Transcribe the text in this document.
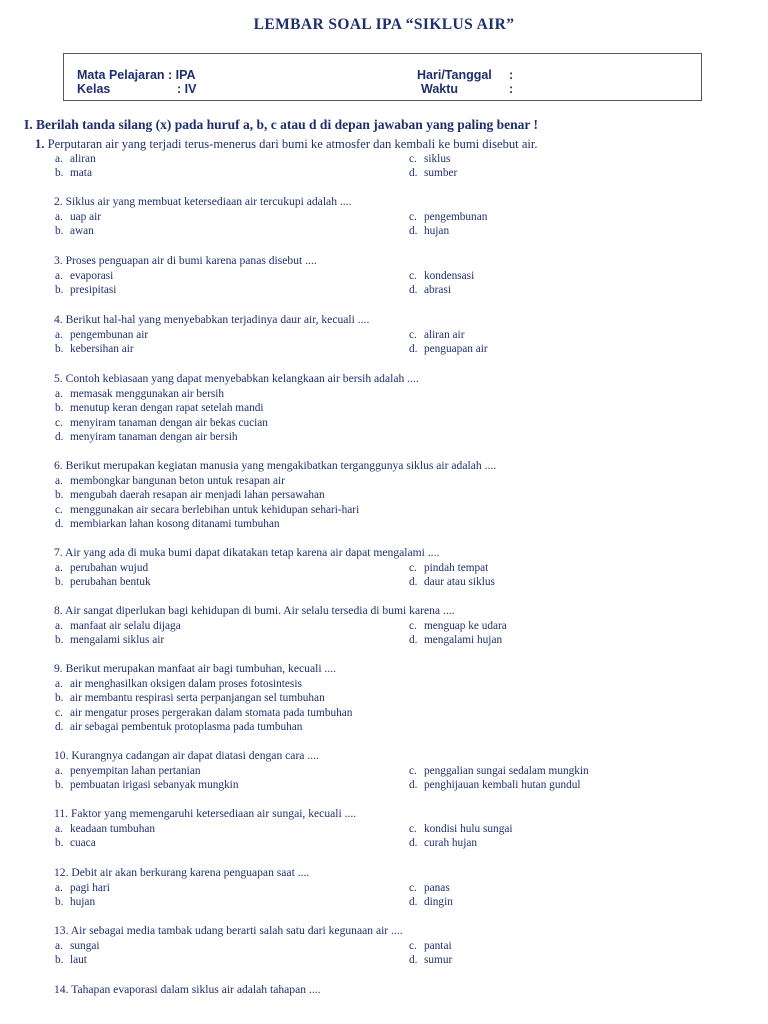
LEMBAR SOAL IPA “SIKLUS AIR”
Mata Pelajaran : IPA
Kelas	: IV
Hari/Tanggal :
Waktu	:
I. Berilah tanda silang (x) pada huruf a, b, c atau d di depan jawaban yang paling benar !
1. Perputaran air yang terjadi terus-menerus dari bumi ke atmosfer dan kembali ke bumi disebut air.
a. aliran	c. siklus
b. mata	d. sumber
2. Siklus air yang membuat ketersediaan air tercukupi adalah ....
a. uap air	c. pengembunan
b. awan	d. hujan
3. Proses penguapan air di bumi karena panas disebut ....
a. evaporasi	c. kondensasi
b. presipitasi	d. abrasi
4. Berikut hal-hal yang menyebabkan terjadinya daur air, kecuali ....
a. pengembunan air	c. aliran air
b. kebersihan air	d. penguapan air
5. Contoh kebiasaan yang dapat menyebabkan kelangkaan air bersih adalah ....
a. memasak menggunakan air bersih
b. menutup keran dengan rapat setelah mandi
c. menyiram tanaman dengan air bekas cucian
d. menyiram tanaman dengan air bersih
6. Berikut merupakan kegiatan manusia yang mengakibatkan terganggunya siklus air adalah ....
a. membongkar bangunan beton untuk resapan air
b. mengubah daerah resapan air menjadi lahan persawahan
c. menggunakan air secara berlebihan untuk kehidupan sehari-hari
d. membiarkan lahan kosong ditanami tumbuhan
7. Air yang ada di muka bumi dapat dikatakan tetap karena air dapat mengalami ....
a. perubahan wujud	c. pindah tempat
b. perubahan bentuk	d. daur atau siklus
8. Air sangat diperlukan bagi kehidupan di bumi. Air selalu tersedia di bumi karena ....
a. manfaat air selalu dijaga	c. menguap ke udara
b. mengalami siklus air	d. mengalami hujan
9. Berikut merupakan manfaat air bagi tumbuhan, kecuali ....
a. air menghasilkan oksigen dalam proses fotosintesis
b. air membantu respirasi serta perpanjangan sel tumbuhan
c. air mengatur proses pergerakan dalam stomata pada tumbuhan
d. air sebagai pembentuk protoplasma pada tumbuhan
10. Kurangnya cadangan air dapat diatasi dengan cara ....
a. penyempitan lahan pertanian	c. penggalian sungai sedalam mungkin
b. pembuatan irigasi sebanyak mungkin	d. penghijauan kembali hutan gundul
11. Faktor yang memengaruhi ketersediaan air sungai, kecuali ....
a. keadaan tumbuhan	c. kondisi hulu sungai
b. cuaca	d. curah hujan
12. Debit air akan berkurang karena penguapan saat ....
a. pagi hari	c. panas
b. hujan	d. dingin
13. Air sebagai media tambak udang berarti salah satu dari kegunaan air ....
a. sungai	c. pantai
b. laut	d. sumur
14. Tahapan evaporasi dalam siklus air adalah tahapan ....
